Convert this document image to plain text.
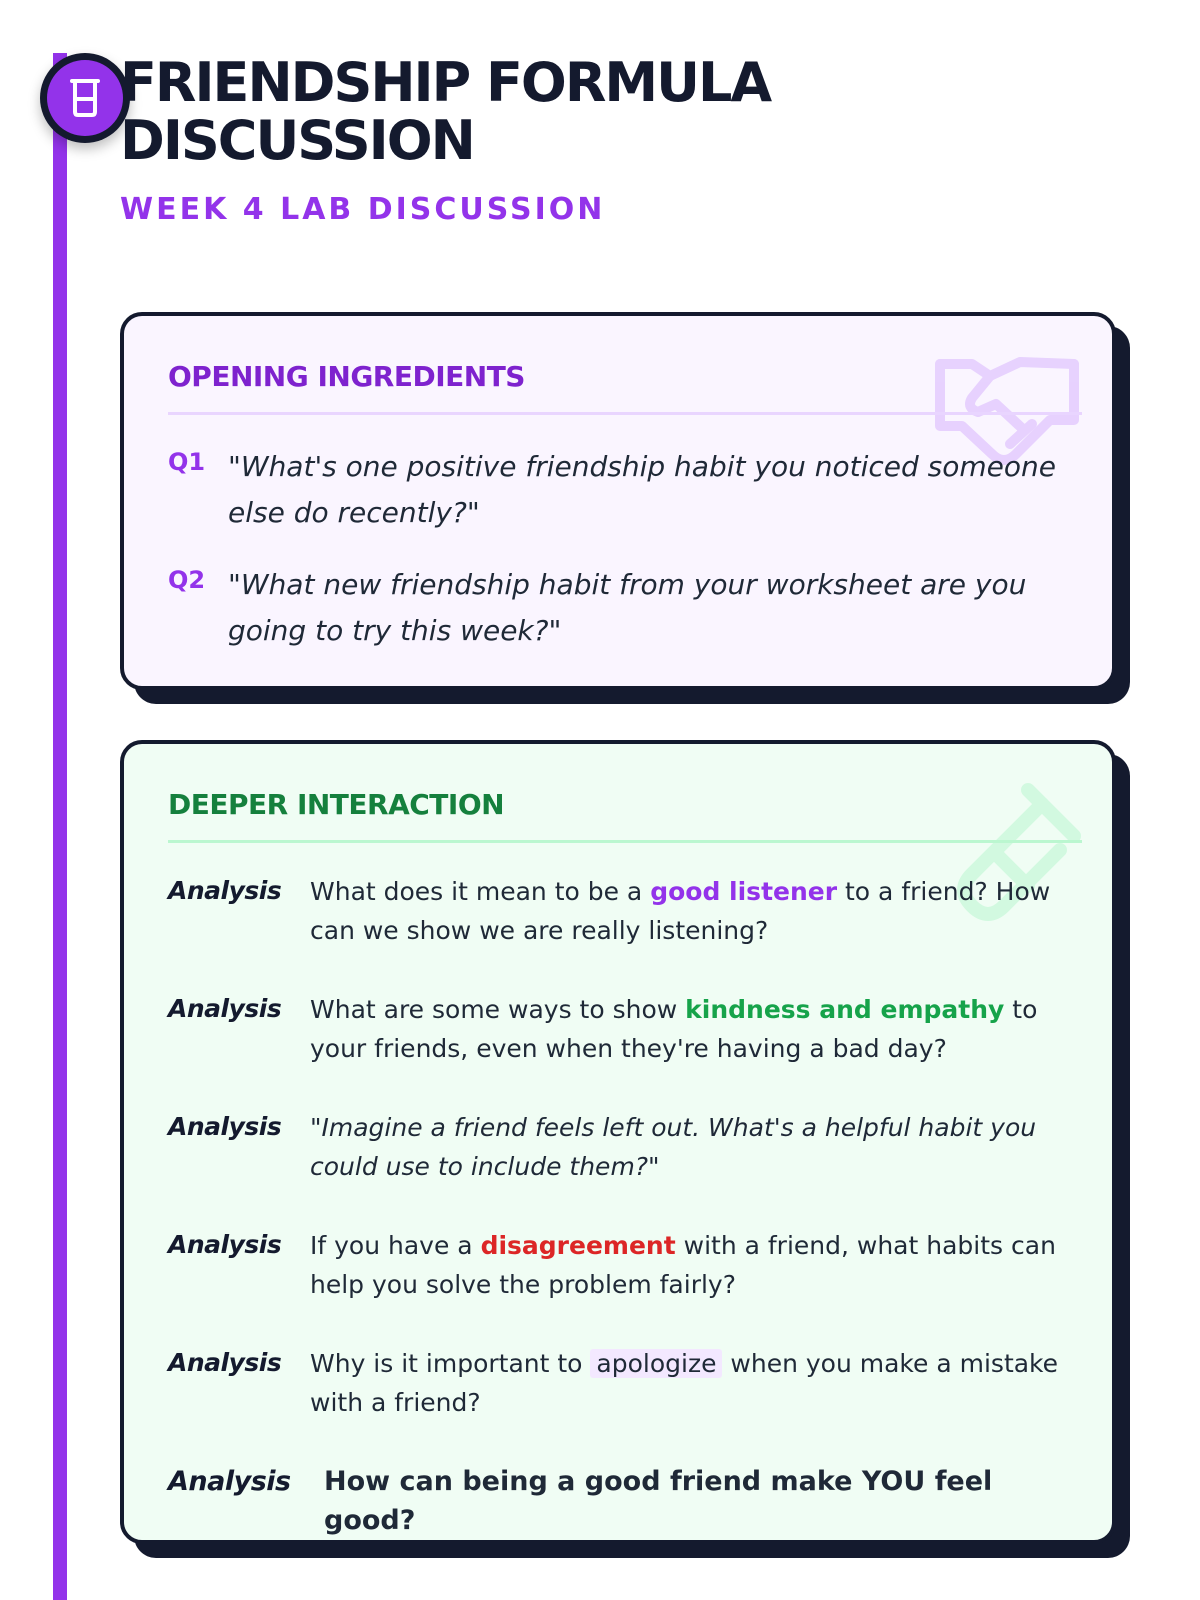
FRIENDSHIP FORMULA
DISCUSSION
WEEK 4 LAB DISCUSSION
OPENING INGREDIENTS
Q1 "What's one positive friendship habit you noticed someone else do recently?"
Q2 "What new friendship habit from your worksheet are you going to try this week?"
DEEPER INTERACTION
Analysis	What does it mean to be a good listener to a friend? How can we show we are really listening?
Analysis	What are some ways to show kindness and empathy to your friends, even when they're having a bad day?
Analysis	"Imagine a friend feels left out. What's a helpful habit you could use to include them?"
Analysis	If you have a disagreement with a friend, what habits can help you solve the problem fairly?
Analysis	Why is it important to apologize when you make a mistake with a friend?
Analysis	How can being a good friend make YOU feel good?
